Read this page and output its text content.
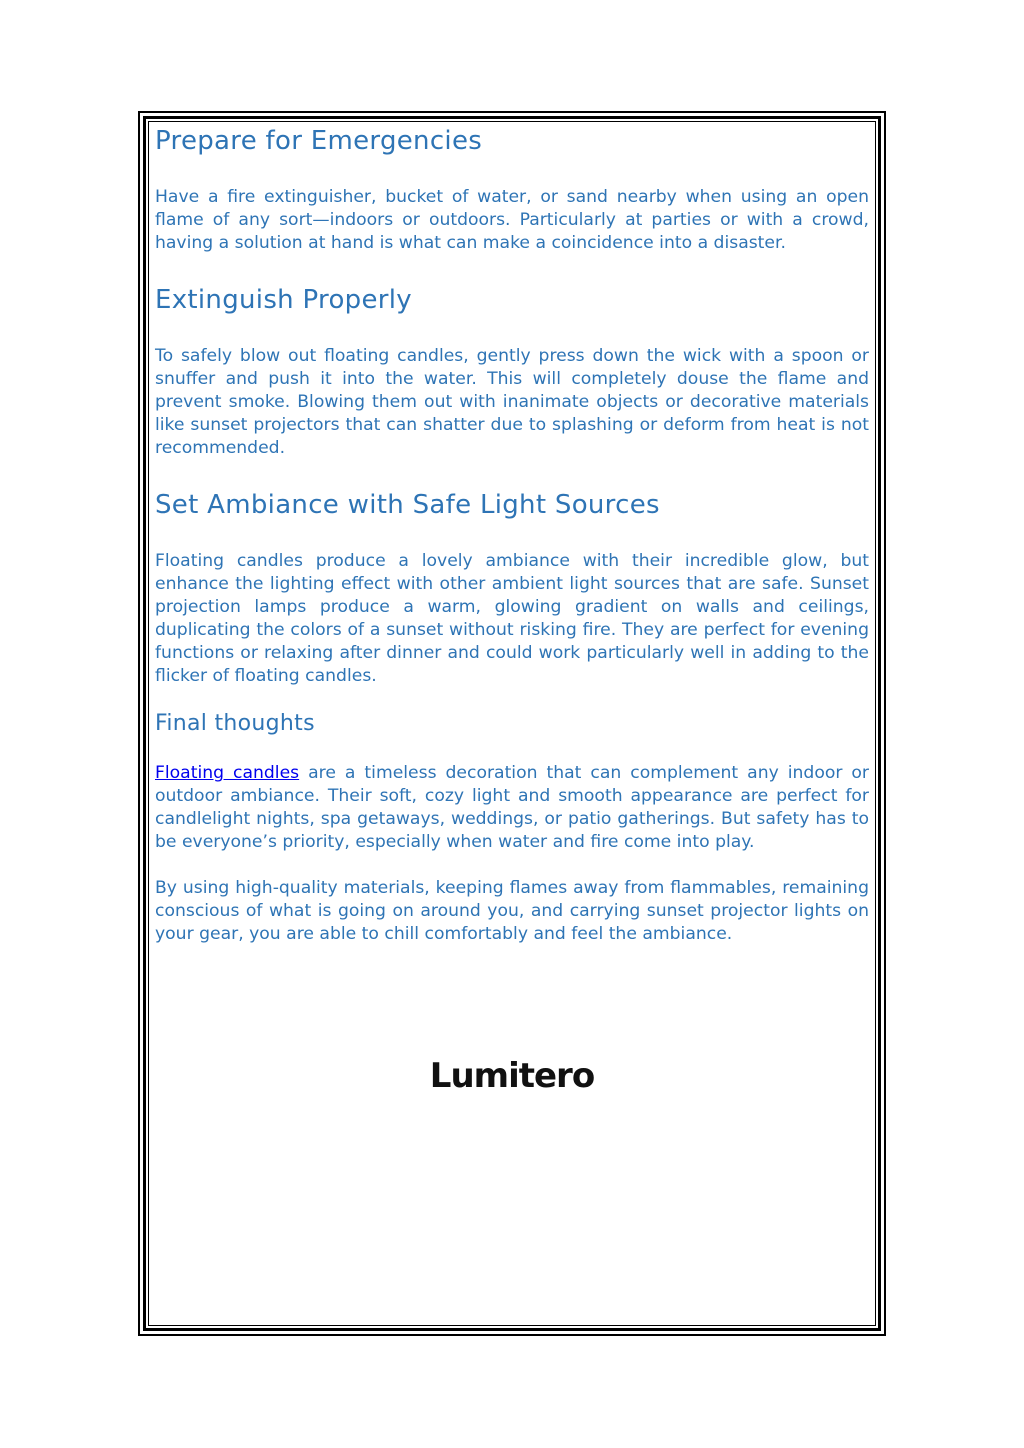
Prepare for Emergencies

Have a fire extinguisher, bucket of water, or sand nearby when using an open flame of any sort—indoors or outdoors. Particularly at parties or with a crowd, having a solution at hand is what can make a coincidence into a disaster.

Extinguish Properly

To safely blow out floating candles, gently press down the wick with a spoon or snuffer and push it into the water. This will completely douse the flame and prevent smoke. Blowing them out with inanimate objects or decorative materials like sunset projectors that can shatter due to splashing or deform from heat is not recommended.

Set Ambiance with Safe Light Sources

Floating candles produce a lovely ambiance with their incredible glow, but enhance the lighting effect with other ambient light sources that are safe. Sunset projection lamps produce a warm, glowing gradient on walls and ceilings, duplicating the colors of a sunset without risking fire. They are perfect for evening functions or relaxing after dinner and could work particularly well in adding to the flicker of floating candles.

Final thoughts

Floating candles are a timeless decoration that can complement any indoor or outdoor ambiance. Their soft, cozy light and smooth appearance are perfect for candlelight nights, spa getaways, weddings, or patio gatherings. But safety has to be everyone’s priority, especially when water and fire come into play.

By using high-quality materials, keeping flames away from flammables, remaining conscious of what is going on around you, and carrying sunset projector lights on your gear, you are able to chill comfortably and feel the ambiance.

Lumitero
